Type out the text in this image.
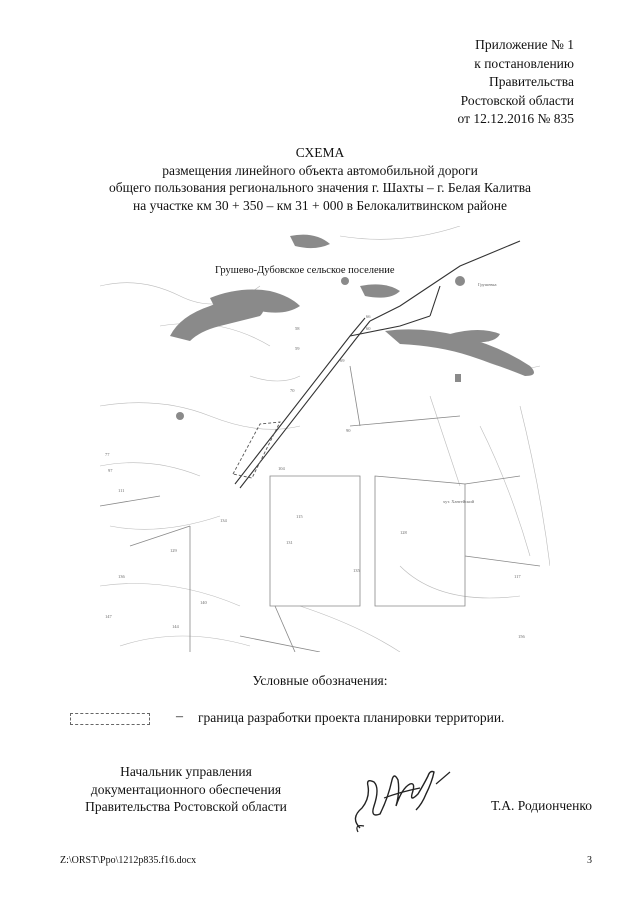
Приложение № 1
к постановлению
Правительства
Ростовской области
от 12.12.2016 № 835
СХЕМА
размещения линейного объекта автомобильной дороги
общего пользования регионального значения г. Шахты – г. Белая Калитва
на участке км 30 + 350 – км 31 + 000 в Белокалитвинском районе
Грушево-Дубовское сельское поселение
Грушевка
хут. Хангейский
58
59
60
66
69
70
77
90
97	104
111
115
117
128
129
131
134
135
136
140
144
147
156
Условные обозначения:
– граница разработки проекта планировки территории.
Начальник управления
документационного обеспечения
Правительства Ростовской области	Т.А. Родионченко
Z:\ORST\Ppo\1212p835.f16.docx	3
